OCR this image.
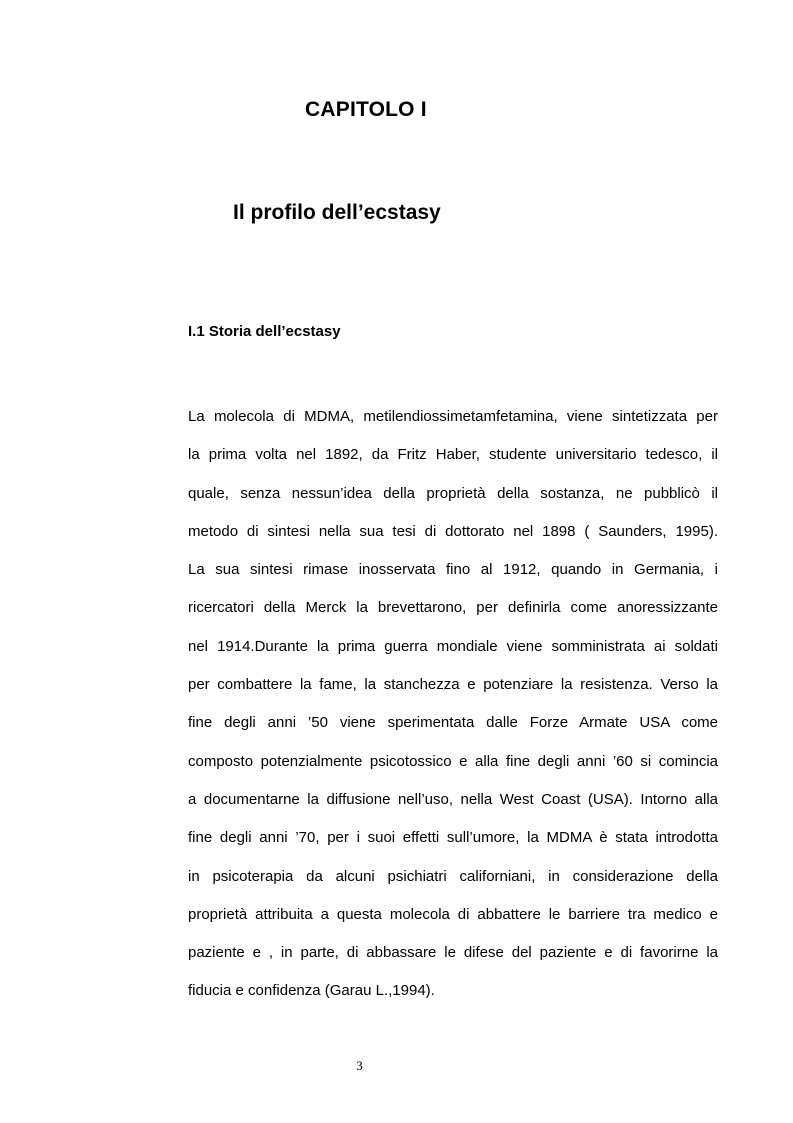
CAPITOLO I
Il profilo dell’ecstasy
I.1 Storia dell’ecstasy
La molecola di MDMA, metilendiossimetamfetamina, viene sintetizzata per
la prima volta nel 1892, da Fritz Haber, studente universitario tedesco, il
quale, senza nessun’idea della proprietà della sostanza, ne pubblicò il
metodo di sintesi nella sua tesi di dottorato nel 1898 ( Saunders, 1995).
La sua sintesi rimase inosservata fino al 1912, quando in Germania, i
ricercatori della Merck la brevettarono, per definirla come anoressizzante
nel 1914.Durante la prima guerra mondiale viene somministrata ai soldati
per combattere la fame, la stanchezza e potenziare la resistenza. Verso la
fine degli anni ’50 viene sperimentata dalle Forze Armate USA come
composto potenzialmente psicotossico e alla fine degli anni ’60 si comincia
a documentarne la diffusione nell’uso, nella West Coast (USA). Intorno alla
fine degli anni ’70, per i suoi effetti sull’umore, la MDMA è stata introdotta
in psicoterapia da alcuni psichiatri californiani, in considerazione della
proprietà attribuita a questa molecola di abbattere le barriere tra medico e
paziente e , in parte, di abbassare le difese del paziente e di favorirne la
fiducia e confidenza (Garau L.,1994).
3
